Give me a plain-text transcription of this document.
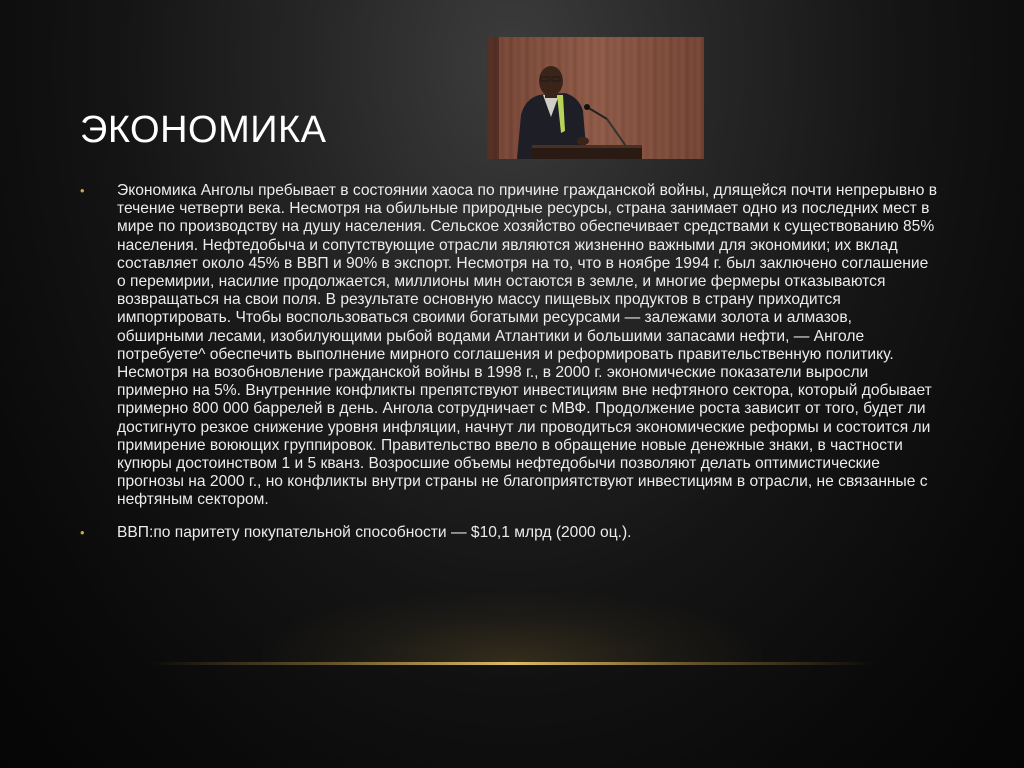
ЭКОНОМИКА
• Экономика Анголы пребывает в состоянии хаоса по причине гражданской войны, длящейся почти непрерывно в течение четверти века. Несмотря на обильные природные ресурсы, страна занимает одно из последних мест в мире по производству на душу населения. Сельское хозяйство обеспечивает средствами к существованию 85% населения. Нефтедобыча и сопутствующие отрасли являются жизненно важными для экономики; их вклад составляет около 45% в ВВП и 90% в экспорт. Несмотря на то, что в ноябре 1994 г. был заключено соглашение о перемирии, насилие продолжается, миллионы мин остаются в земле, и многие фермеры отказываются возвращаться на свои поля. В результате основную массу пищевых продуктов в страну приходится импортировать. Чтобы воспользоваться своими богатыми ресурсами — залежами золота и алмазов, обширными лесами, изобилующими рыбой водами Атлантики и большими запасами нефти, — Анголе потребуете^ обеспечить выполнение мирного соглашения и реформировать правительственную политику. Несмотря на возобновление гражданской войны в 1998 г., в 2000 г. экономические показатели выросли примерно на 5%. Внутренние конфликты препятствуют инвестициям вне нефтяного сектора, который добывает примерно 800 000 баррелей в день. Ангола сотрудничает с МВФ. Продолжение роста зависит от того, будет ли достигнуто резкое снижение уровня инфляции, начнут ли проводиться экономические реформы и состоится ли примирение воюющих группировок. Правительство ввело в обращение новые денежные знаки, в частности купюры достоинством 1 и 5 кванз. Возросшие объемы нефтедобычи позволяют делать оптимистические прогнозы на 2000 г., но конфликты внутри страны не благоприятствуют инвестициям в отрасли, не связанные с нефтяным сектором.
• ВВП:по паритету покупательной способности — $10,1 млрд (2000 оц.).
